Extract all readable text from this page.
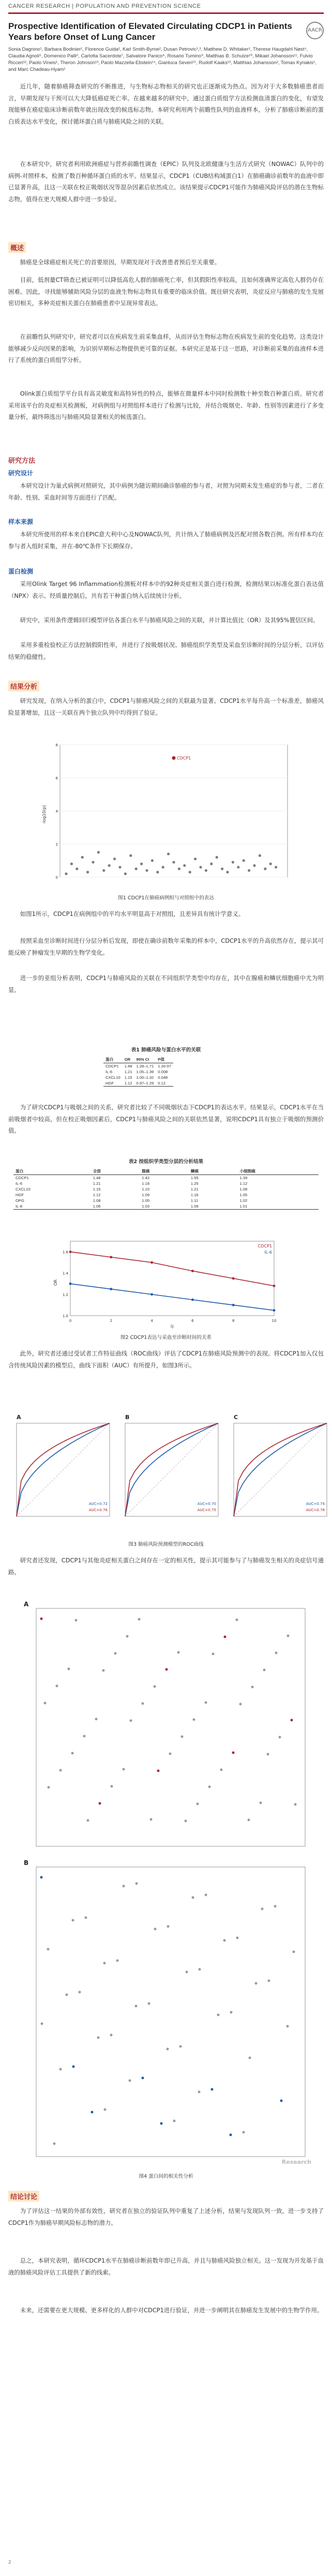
CANCER RESEARCH | POPULATION AND PREVENTION SCIENCE
Prospective Identification of Elevated Circulating CDCP1 in Patients Years before Onset of Lung Cancer
AACR
Sonia Dagnino¹, Barbara Bodinier¹, Florence Guida², Karl Smith-Byrne², Dusan Petrovic¹,³, Matthew D. Whitaker¹, Therese Haugdahl Nøst⁴, Claudia Agnoli⁵, Domenico Palli⁶, Carlotta Sacerdote⁷, Salvatore Panico⁸, Rosario Tumino⁹, Matthias B. Schulze¹⁰, Mikael Johansson¹¹, Fulvio Ricceri¹², Paolo Vineis¹, Theron Johnson¹³, Paolo Mazzella-Ebstein¹⁴, Gianluca Severi¹⁵, Rudolf Kaaks¹³, Matthias Johansson², Tomas Kyriakis¹, and Marc Chadeau-Hyam¹
近几年，随着肺癌筛查研究的不断推进，与生物标志物相关的研究也正逐渐成为热点。因为对于大多数肺癌患者而言，早期发现与干预可以大大降低癌症死亡率。在越来越多的研究中，通过蛋白质组学方法检测血清蛋白的变化，有望发现能够在癌症临床诊断前数年就出现改变的候选标志物。本研究利用两个前瞻性队列的血液样本，分析了肺癌诊断前的蛋白质表达水平变化，探讨循环蛋白质与肺癌风险之间的关联。
在本研究中，研究者利用欧洲癌症与营养前瞻性调查（EPIC）队列及北欧健康与生活方式研究（NOWAC）队列中的病例-对照样本，检测了数百种循环蛋白质的水平。结果显示，CDCP1（CUB结构域蛋白1）在肺癌确诊前数年的血液中即已显著升高，且这一关联在校正吸烟状况等混杂因素后依然成立。该结果提示CDCP1可能作为肺癌风险评估的潜在生物标志物，值得在更大规模人群中进一步验证。
概述
肺癌是全球癌症相关死亡的首要原因，早期发现对于改善患者预后至关重要。
目前，低剂量CT筛查已被证明可以降低高危人群的肺癌死亡率，但其假阳性率较高，且如何准确界定高危人群仍存在困难。因此，寻找能够辅助风险分层的血液生物标志物具有重要的临床价值。既往研究表明，炎症反应与肺癌的发生发展密切相关，多种炎症相关蛋白在肺癌患者中呈现异常表达。
在前瞻性队列研究中，研究者可以在疾病发生前采集血样，从而评估生物标志物在疾病发生前的变化趋势。这类设计能够减少反向因果的影响，为识别早期标志物提供更可靠的证据。本研究正是基于这一思路，对诊断前采集的血液样本进行了系统的蛋白质组学分析。
Olink蛋白质组学平台具有高灵敏度和高特异性的特点，能够在微量样本中同时检测数十种至数百种蛋白质。研究者采用该平台的炎症相关检测板，对病例组与对照组样本进行了检测与比较，并结合吸烟史、年龄、性别等因素进行了多变量分析，最终筛选出与肺癌风险显著相关的候选蛋白。
研究方法
研究设计
本研究设计为巢式病例对照研究，其中病例为随访期间确诊肺癌的参与者，对照为同期未发生癌症的参与者，二者在年龄、性别、采血时间等方面进行了匹配。
样本来源
本研究所使用的样本来自EPIC意大利中心及NOWAC队列，共计纳入了肺癌病例及匹配对照各数百例。所有样本均在参与者入组时采集，并在-80℃条件下长期保存。
蛋白检测
采用Olink Target 96 Inflammation检测板对样本中的92种炎症相关蛋白进行检测，检测结果以标准化蛋白表达值（NPX）表示。经质量控制后，共有若干种蛋白纳入后续统计分析。
研究中，采用条件逻辑回归模型评估各蛋白水平与肺癌风险之间的关联，并计算比值比（OR）及其95%置信区间。
采用多重检验校正方法控制假阳性率，并进行了按吸烟状况、肺癌组织学类型及采血至诊断时间的分层分析，以评估结果的稳健性。
结果分析
研究发现，在纳入分析的蛋白中，CDCP1与肺癌风险之间的关联最为显著。CDCP1水平每升高一个标准差，肺癌风险显著增加，且这一关联在两个独立队列中均得到了验证。
0
2
4
6
8
-log10(p)
CDCP1
图1 CDCP1在肺癌病例组与对照组中的表达
如图1所示，CDCP1在病例组中的平均水平明显高于对照组，且差异具有统计学意义。
按照采血至诊断时间进行分层分析后发现，即使在确诊前数年采集的样本中，CDCP1水平的升高依然存在，提示其可能反映了肿瘤发生早期的生物学变化。
进一步的亚组分析表明，CDCP1与肺癌风险的关联在不同组织学类型中均存在，其中在腺癌和鳞状细胞癌中尤为明显。
表1 肺癌风险与蛋白水平的关联
蛋白	OR	95% CI	P值
CDCP1	1.48	1.28–1.71	1.2e-07
IL-6	1.21	1.05–1.39	0.008
CXCL10	1.15	1.00–1.32	0.048
HGF	1.12	0.97–1.29	0.12
为了研究CDCP1与吸烟之间的关系，研究者比较了不同吸烟状态下CDCP1的表达水平。结果显示，CDCP1水平在当前吸烟者中较高，但在校正吸烟因素后，CDCP1与肺癌风险之间的关联依然显著，说明CDCP1具有独立于吸烟的预测价值。
表2 按组织学类型分层的分析结果
蛋白	全部	腺癌	鳞癌	小细胞癌
CDCP1	1.48	1.42	1.55	1.39
IL-6	1.21	1.18	1.25	1.12
CXCL10	1.15	1.10	1.21	1.08
HGF	1.12	1.09	1.16	1.05
OPG	1.08	1.05	1.11	1.02
IL-8	1.06	1.03	1.09	1.01
0	2	4	6	8	10
1.0
1.2
1.4
1.6
年
OR
CDCP1
IL-6
图2 CDCP1表达与采血至诊断时间的关系
此外，研究者还通过受试者工作特征曲线（ROC曲线）评估了CDCP1在肺癌风险预测中的表现。将CDCP1加入仅包含传统风险因素的模型后，曲线下面积（AUC）有所提升，如图3所示。
A
AUC=0.72
AUC=0.76
B
AUC=0.70
AUC=0.75
C
AUC=0.74
AUC=0.78
图3 肺癌风险预测模型的ROC曲线
研究者还发现，CDCP1与其他炎症相关蛋白之间存在一定的相关性，提示其可能参与了与肺癌发生相关的炎症信号通路。
A
B
Research
图4 蛋白间的相关性分析
结论讨论
为了评估这一结果的外部有效性，研究者在独立的验证队列中重复了上述分析，结果与发现队列一致，进一步支持了CDCP1作为肺癌早期风险标志物的潜力。
总之，本研究表明，循环CDCP1水平在肺癌诊断前数年即已升高，并且与肺癌风险独立相关。这一发现为开发基于血液的肺癌风险评估工具提供了新的线索。
未来，还需要在更大规模、更多样化的人群中对CDCP1进行验证，并进一步阐明其在肺癌发生发展中的生物学作用。
2
